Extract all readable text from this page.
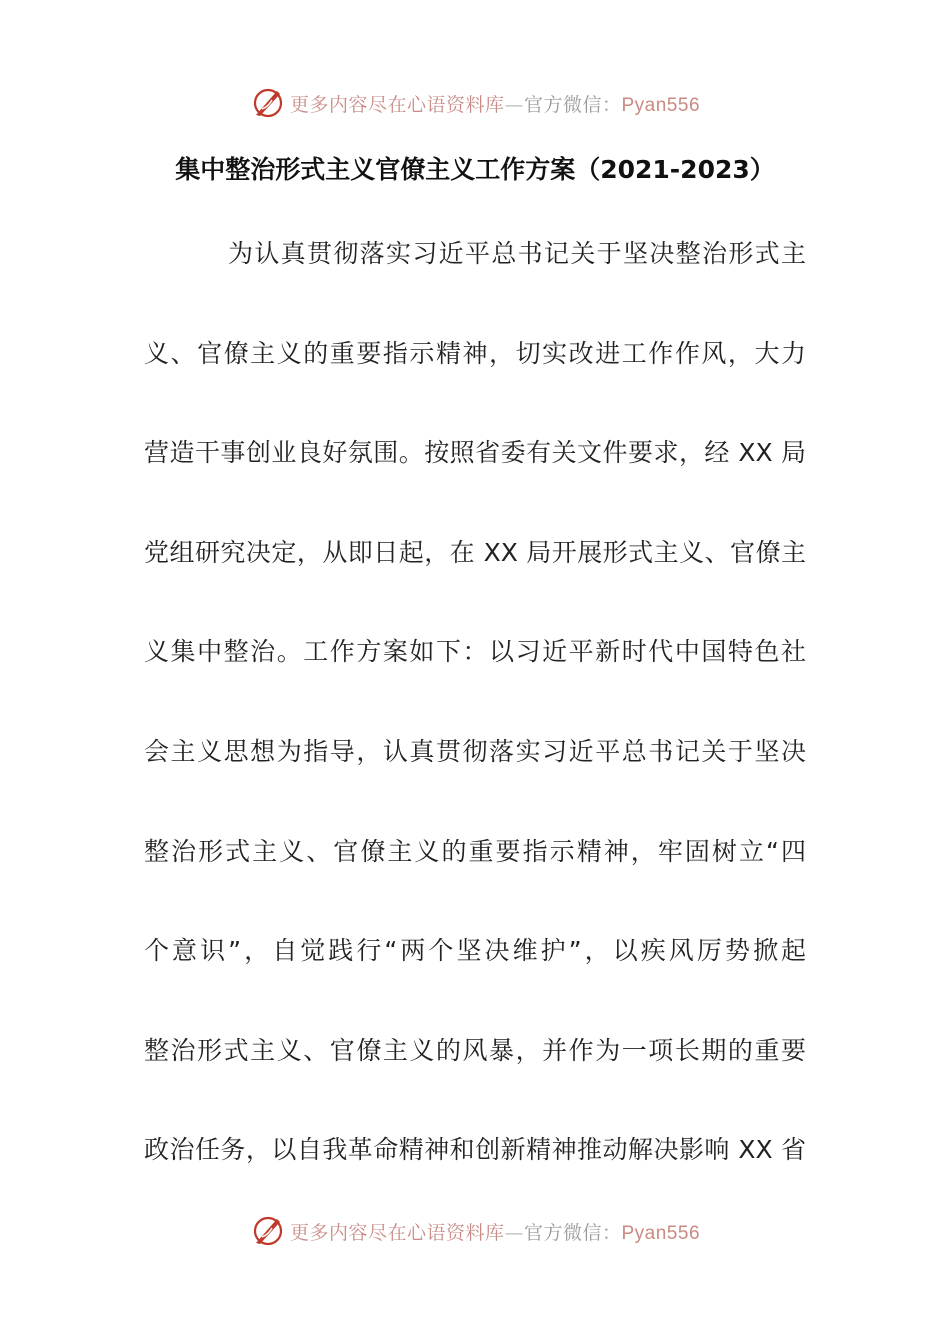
更多内容尽在心语资料库—官方微信：Pyan556
集中整治形式主义官僚主义工作方案（2021-2023）
为认真贯彻落实习近平总书记关于坚决整治形式主
义、官僚主义的重要指示精神，切实改进工作作风，大力
营造干事创业良好氛围。按照省委有关文件要求，经 XX 局
党组研究决定，从即日起，在 XX 局开展形式主义、官僚主
义集中整治。工作方案如下：以习近平新时代中国特色社
会主义思想为指导，认真贯彻落实习近平总书记关于坚决
整治形式主义、官僚主义的重要指示精神，牢固树立“四
个意识”，自觉践行“两个坚决维护”，以疾风厉势掀起
整治形式主义、官僚主义的风暴，并作为一项长期的重要
政治任务，以自我革命精神和创新精神推动解决影响 XX 省
更多内容尽在心语资料库—官方微信：Pyan556
